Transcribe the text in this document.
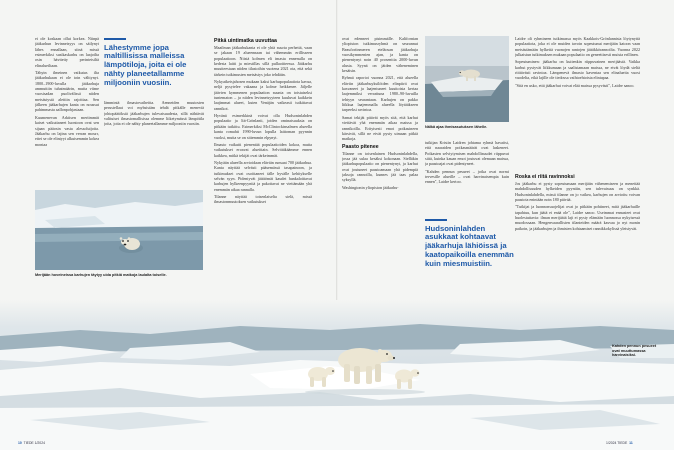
ei ole koskaan ollut korkea. Niinpä jääkarhun levinneisyys on säilynyt lähes ennallaan, siinä missä esimerkiksi susikaskarhu on laajoilta osin hävitetty perinteisiltä elinalueiltaan.

Tähyin ilmeinen vaikutus ilta jääkarhukaan ei ole toin välttynyt. 1800–1900-luvulla jääkarhuja ammuttiin tuhatmäärin, mutta viime vuosisadan puolivälissä niiden metsästystä alettiin rajoittaa. Sen jälkeen jääkarhujen kanta on noussut pahimmasta aallonpohjastaan.

Kuumenevan Arktisen meriimmät kaiset vaikuttaneet luontoon ovat sen sijaan pääosin vasta alessoluijoita. Jääkarhu on lajina sen verran mourr, ettei se ole elintyyt alkuisemmin kokea montaa

Lähestymme jopa maltillisissa malleissa lämpötiloja, joita ei ole nähty planeetallamme miljooniin vuosiin.

lämmintä ilmastovaiheitta. Aenneiden muutosten perustellaat voi mybsistäm tehdä pitkälle meneviä johtopäätöksiä jääkarhujen tulevaisuudesta, sillä nähtävät valituiset ilmastomallisissa olemme liiketymässä lämpötila joita, joita ei ole nähty planeetallamme miljooniin vuosiin.

Merijään hoveineissa karhujen täytyy uida pitkiä matkoja laulalta toiselle.
Pitkä uintimatka uuvuttaa

Maailman jääkarhukanta ei ole yhtä suurta perhettä, vaan se jakaan 19 alueennaan tai vähemmän erillisseen populaatioon. Niistä kolmen eli imasta ennenulla on kedesta laitti ja miestillas sillä pullaoitteessa. Jääkarhu muutteestaan niiden tilastoihin vuotena 2021 ota, että sekä tärkein tutkimusten metsästys joko tehdään.

Nykyaikeisjahosen mukaan kaksi karhupopulaatiota kavua, neljä pysytelee vakaana ja kolme heikkenee. Jäljelle jäävien kymmenen populaation suunta on toistaiseksi tuntematon – ja niiden levinneisyyteen kuuluvat kaikkein laajimmat alueet, kuten Venäjän vaikeasti tutkittavat rannikot.

Hyvänä esimerkkinä voivat olla Hudsoninlahden populaatio ja Itä-Grönlanti, joiden ominaisuuksia on pitkään tutkittu. Esimerkiksi McClintockinsalmen alueella kanta romahti 1990-luvun lopulla laittoman pyynnin vuoksi, mutta se on sittemmin elpynyt.

Ilmasto vaikutti pienentää populaatioiden kokoa, mutta vaikutukset eroavat alueittain. Selvittäkäämme ennen kaikkea, mitkä tekijät ovat tärkeimmät.

Nykyään alueella arvioidaan eläviän runsaat 700 jääkarhua. Kanta näyttää selvästi pääsemässä tasapainoon, ja tutkimukset ovat osoittaneet tälle hyvälle kehitykselle selvän syyn. Pidentyvät jäättömät kaudet hankaloittavat karhujen hylkeenpyyntiä ja pakottavat ne viettämään yhä enemmän aikaa rannalla.

Tilanne näyttää toisenlaiselta sielä, missä ilmastonmuutoksen vaikutukset

ovat edenneet pisimmälle. Kalifornian yliopiston tutkimusryhmä on seurannut Beaufortinmeren eteläosan jääkarhuja vuosikymmenien ajan, ja kanta on pienentynyt noin 40 prosenttia 2000-luvun alusta. Syynä on jäiden väheneminen kesäisin.

Ryhmä raportoi vuonna 2021, että alueella eläviin jääkarhuyksilöiden elinpiirit ovat kasvaneet ja laajentuneet kuuttoista kertaa laajemmiksi verrattuna 1980–90-luvuilla tehtyyn seurantaan. Karhujen on pakko liikkua laajemmalla alueella löytääkseen tarpeeksi ravintoa.

Samat tekijät pitävät myös sitä, että karhut viettävät yhä enemmän aikaa maissa ja rannikoilla. Erityisesti emot poikasineen kärsivät, sillä ne eivät pysty uimaan pitkiä matkoja.

Paasto pitenee

Tilanne on toisenlainen Hudsoninlahdella, jossa jää sulaa kesäksi kokonaan. Sielläkin jääkarhupopulaatio on pienentynyt, ja karhut ovat joutuneet paastoamaan yhä pidempiä jaksoja rannoilla, kunnes jää taas palaa syksyllä.

Washingtonin yliopiston jääkarhu-

Nälkä ajaa ihmisasutuksen lähelle.

tutkijan Kristin Laidren johtama ryhmä havaitsi, että naaraiden poikasmäärät ovat laskeneet. Poikasten selviytymisen mahdollisuudet riippuvat siitä, kuinka kauan emot joutuvat olemaan maissa, ja paastoajat ovat pidentyneet.

"Kahden pennun pesueet – jotka ovat normi tervesille alueille – ovat harvinaisempia kuin ennen", Laidre kertoo.

Hudsoninlahden asukkaat kohtaavat jääkarhuja lähiöissä ja kaatopaikoilla enemmän kuin miesmuistiin.

Laidre oli ryhmineen tutkimassa myös Kaakkois-Grönlannista löytynyttä populaatiota, joka ei ole muiden tavoin sopeutunut merijään katoon vaan metsästämään hylkeitä vuonojen rantojen jäätikkörannoilta. Vuonna 2022 julkaistun tutkimuksen mukaan populaatio on geneettisesti muista erillinen.

Sopeutuminen: jääkarhu on kuitenkin riippuvainen merijäästä. Vaikka karhut pystyvät liikkumaan ja saalistamaan maissa, ne eivät löydä sieltä riittävästi ravintoa. Lämpenevä ilmasto kaventaa sen elinalueita vuosi vuodelta, eikä lajille ole tiedossa vaihtoehtoista elintapaa.

"Sitä en usko, että jääkarhut voivat elää maissa pysyvästi", Laidre sanoo.

Roska ei riitä ravinnoksi

Jos jääkarhu ei pysty sopeutumaan merijään vähenemiseen ja menettää mahdollisuuden hylkeiden pyyntiin, sen tulevaisuus on synkkä. Hudsoninlahdella, missä tilanne on jo vaikea, karhujen on arvioitu voivan paastota enintään noin 180 päivää.

"Tutkijat ja luonnonsuojelijat ovat jo pitkään pohtineet, mitä jääkarhuille tapahtuu, kun jäätä ei enää ole", Laidre sanoo. Useimmat ennusteet ovat huolestuttavia: ilman merijäätä laji ei pysty elämään luonnossa nykyisessä muodossaan. Hengenvaarallisten tilanteiden määrä kasvaa jo nyt monin paikoin, ja jääkarhujen ja ihmisten kohtaamiset rannikkokylissä yleistyvät.

Kahden pennun pesueet ovat muuttumassa harvinaisiksi.
10 TIEDE 1/2024	1/2024 TIEDE 11
